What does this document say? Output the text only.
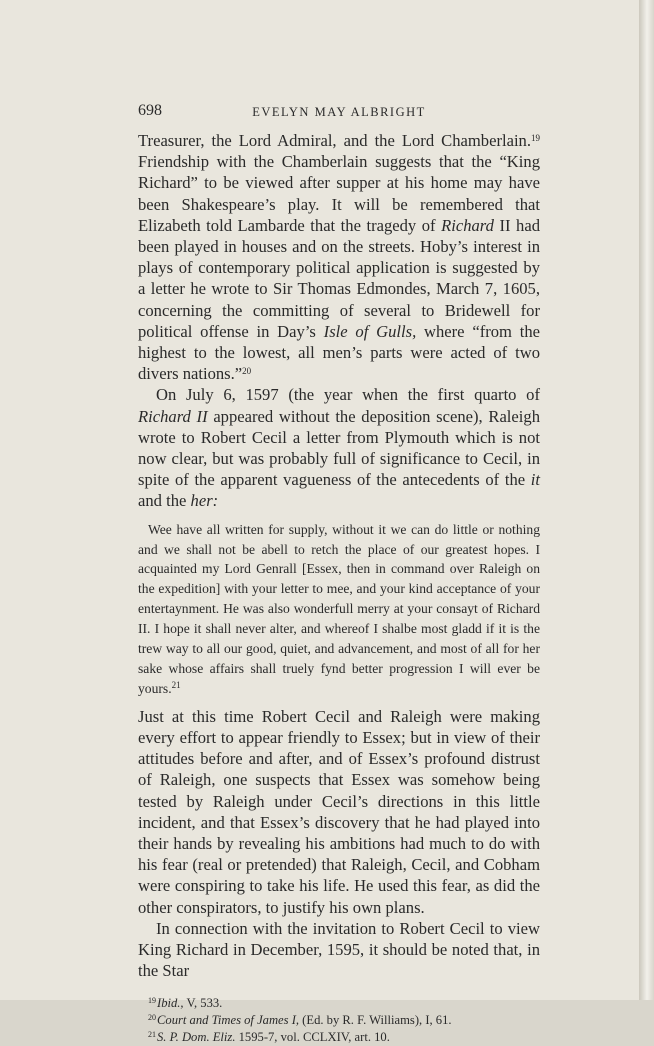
698	EVELYN MAY ALBRIGHT

Treasurer, the Lord Admiral, and the Lord Chamberlain.$^{19}$ Friendship with the Chamberlain suggests that the “King Richard” to be viewed after supper at his home may have been Shakespeare’s play. It will be remembered that Elizabeth told Lambarde that the tragedy of Richard II had been played in houses and on the streets. Hoby’s interest in plays of contemporary political application is suggested by a letter he wrote to Sir Thomas Edmondes, March 7, 1605, concerning the committing of several to Bridewell for political offense in Day’s Isle of Gulls, where “from the highest to the lowest, all men’s parts were acted of two divers nations.”$^{20}$

On July 6, 1597 (the year when the first quarto of Richard II appeared without the deposition scene), Raleigh wrote to Robert Cecil a letter from Plymouth which is not now clear, but was probably full of significance to Cecil, in spite of the apparent vagueness of the antecedents of the it and the her:

Wee have all written for supply, without it we can do little or nothing and we shall not be abell to retch the place of our greatest hopes. I acquainted my Lord Genrall [Essex, then in command over Raleigh on the expedition] with your letter to mee, and your kind acceptance of your entertaynment. He was also wonderfull merry at your consayt of Richard II. I hope it shall never alter, and whereof I shalbe most gladd if it is the trew way to all our good, quiet, and advancement, and most of all for her sake whose affairs shall truely fynd better progression I will ever be yours.$^{21}$

Just at this time Robert Cecil and Raleigh were making every effort to appear friendly to Essex; but in view of their attitudes before and after, and of Essex’s profound distrust of Raleigh, one suspects that Essex was somehow being tested by Raleigh under Cecil’s directions in this little incident, and that Essex’s discovery that he had played into their hands by revealing his ambitions had much to do with his fear (real or pretended) that Raleigh, Cecil, and Cobham were conspiring to take his life. He used this fear, as did the other conspirators, to justify his own plans.

In connection with the invitation to Robert Cecil to view King Richard in December, 1595, it should be noted that, in the Star

$^{19}$Ibid., V, 533.

$^{20}$Court and Times of James I, (Ed. by R. F. Williams), I, 61.

$^{21}$S. P. Dom. Eliz. 1595-7, vol. CCLXIV, art. 10.
